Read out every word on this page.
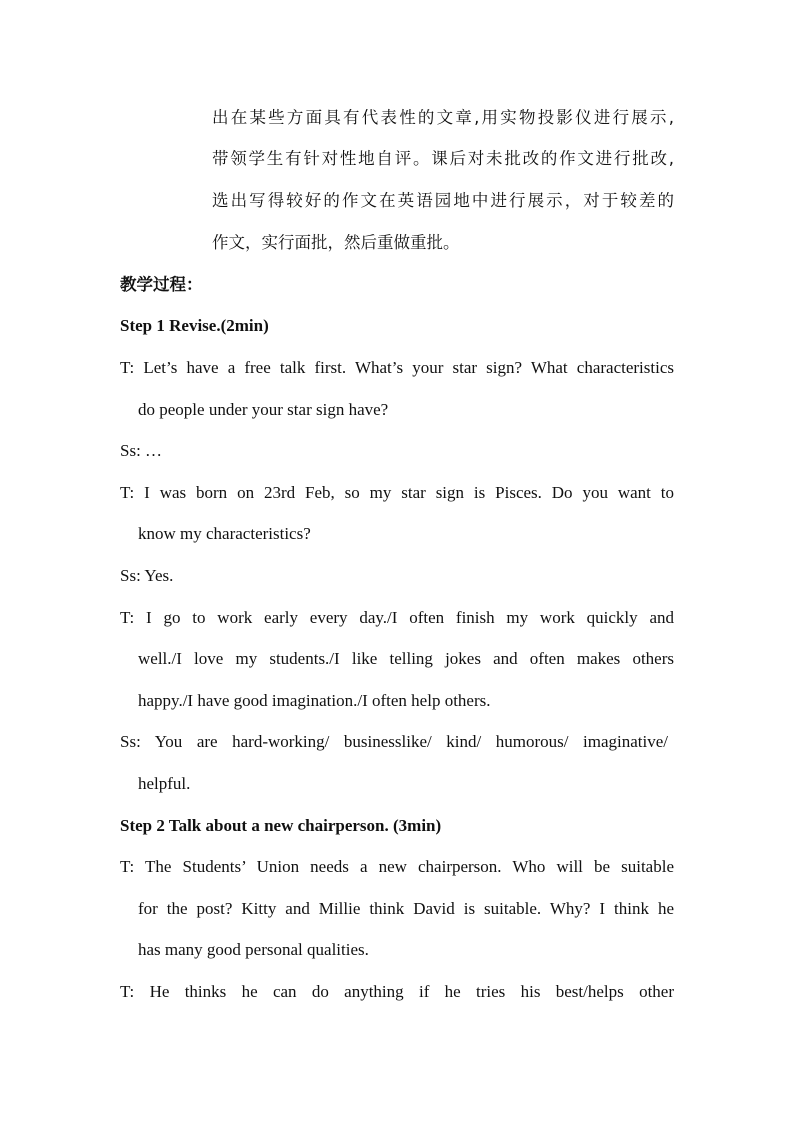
出在某些方面具有代表性的文章,用实物投影仪进行展示,
带领学生有针对性地自评。课后对未批改的作文进行批改,
选出写得较好的作文在英语园地中进行展示，对于较差的
作文，实行面批，然后重做重批。
教学过程：
Step 1 Revise.(2min)
T: Let’s have a free talk first. What’s your star sign? What characteristics
do people under your star sign have?
Ss: …
T: I was born on 23rd Feb, so my star sign is Pisces. Do you want to
know my characteristics?
Ss: Yes.
T: I go to work early every day./I often finish my work quickly and
well./I love my students./I like telling jokes and often makes others
happy./I have good imagination./I often help others.
Ss: You are hard-working/ businesslike/ kind/ humorous/ imaginative/
helpful.
Step 2 Talk about a new chairperson. (3min)
T: The Students’ Union needs a new chairperson. Who will be suitable
for the post? Kitty and Millie think David is suitable. Why? I think he
has many good personal qualities.
T: He thinks he can do anything if he tries his best/helps other
